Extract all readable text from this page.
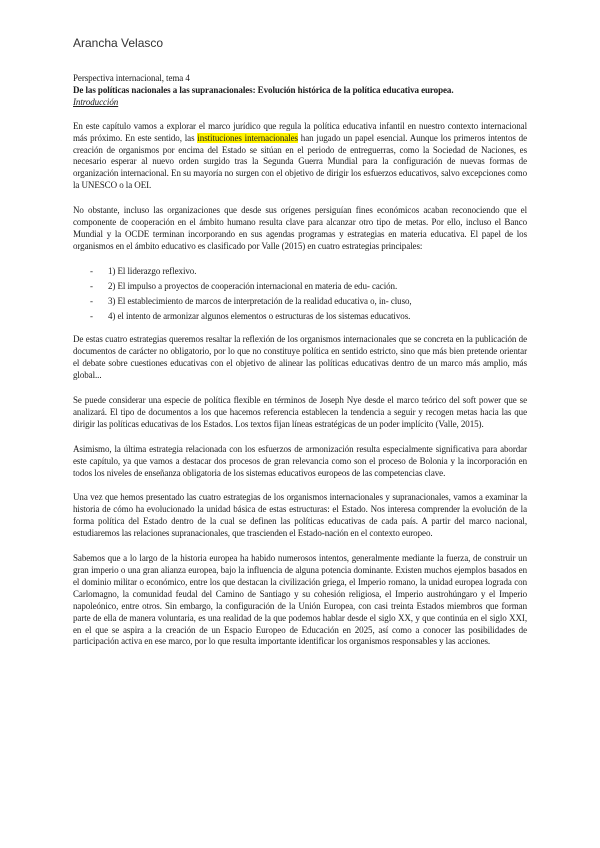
Arancha Velasco
Perspectiva internacional, tema 4
De las políticas nacionales a las supranacionales: Evolución histórica de la política educativa europea.
Introducción

En este capítulo vamos a explorar el marco jurídico que regula la política educativa infantil en nuestro contexto internacional más próximo. En este sentido, las instituciones internacionales han jugado un papel esencial. Aunque los primeros intentos de creación de organismos por encima del Estado se sitúan en el periodo de entreguerras, como la Sociedad de Naciones, es necesario esperar al nuevo orden surgido tras la Segunda Guerra Mundial para la configuración de nuevas formas de organización internacional. En su mayoría no surgen con el objetivo de dirigir los esfuerzos educativos, salvo excepciones como la UNESCO o la OEI.

No obstante, incluso las organizaciones que desde sus orígenes persiguían fines económicos acaban reconociendo que el componente de cooperación en el ámbito humano resulta clave para alcanzar otro tipo de metas. Por ello, incluso el Banco Mundial y la OCDE terminan incorporando en sus agendas programas y estrategias en materia educativa. El papel de los organismos en el ámbito educativo es clasificado por Valle (2015) en cuatro estrategias principales:

- 1) El liderazgo reflexivo.
- 2) El impulso a proyectos de cooperación internacional en materia de edu- cación.
- 3) El establecimiento de marcos de interpretación de la realidad educativa o, in- cluso,
- 4) el intento de armonizar algunos elementos o estructuras de los sistemas educativos.

De estas cuatro estrategias queremos resaltar la reflexión de los organismos internacionales que se concreta en la publicación de documentos de carácter no obligatorio, por lo que no constituye política en sentido estricto, sino que más bien pretende orientar el debate sobre cuestiones educativas con el objetivo de alinear las políticas educativas dentro de un marco más amplio, más global...

Se puede considerar una especie de política flexible en términos de Joseph Nye desde el marco teórico del soft power que se analizará. El tipo de documentos a los que hacemos referencia establecen la tendencia a seguir y recogen metas hacia las que dirigir las políticas educativas de los Estados. Los textos fijan líneas estratégicas de un poder implícito (Valle, 2015).

Asimismo, la última estrategia relacionada con los esfuerzos de armonización resulta especialmente significativa para abordar este capítulo, ya que vamos a destacar dos procesos de gran relevancia como son el proceso de Bolonia y la incorporación en todos los niveles de enseñanza obligatoria de los sistemas educativos europeos de las competencias clave.

Una vez que hemos presentado las cuatro estrategias de los organismos internacionales y supranacionales, vamos a examinar la historia de cómo ha evolucionado la unidad básica de estas estructuras: el Estado. Nos interesa comprender la evolución de la forma política del Estado dentro de la cual se definen las políticas educativas de cada país. A partir del marco nacional, estudiaremos las relaciones supranacionales, que trascienden el Estado-nación en el contexto europeo.

Sabemos que a lo largo de la historia europea ha habido numerosos intentos, generalmente mediante la fuerza, de construir un gran imperio o una gran alianza europea, bajo la influencia de alguna potencia dominante. Existen muchos ejemplos basados en el dominio militar o económico, entre los que destacan la civilización griega, el Imperio romano, la unidad europea lograda con Carlomagno, la comunidad feudal del Camino de Santiago y su cohesión religiosa, el Imperio austrohúngaro y el Imperio napoleónico, entre otros. Sin embargo, la configuración de la Unión Europea, con casi treinta Estados miembros que forman parte de ella de manera voluntaria, es una realidad de la que podemos hablar desde el siglo XX, y que continúa en el siglo XXI, en el que se aspira a la creación de un Espacio Europeo de Educación en 2025, así como a conocer las posibilidades de participación activa en ese marco, por lo que resulta importante identificar los organismos responsables y las acciones.
